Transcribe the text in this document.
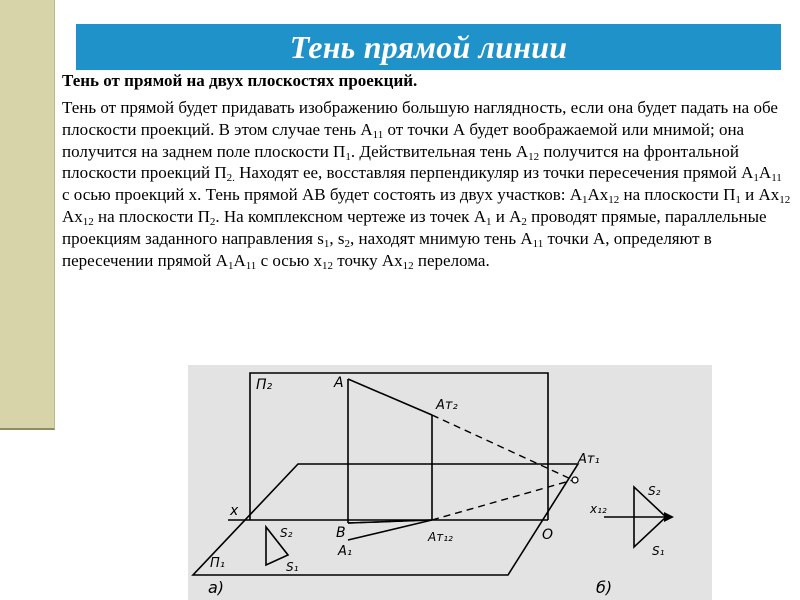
Тень прямой линии

Тень от прямой на двух плоскостях проекций.

Тень от прямой будет придавать изображению большую наглядность, если она будет падать на обе плоскости проекций. В этом случае тень $А_{11}$ от точки А будет воображаемой или мнимой; она получится на заднем поле плоскости $П_1$. Действительная тень $А_{12}$ получится на фронтальной плоскости проекций $П_{2.}$ Находят ее, восставляя перпендикуляр из точки пересечения прямой $А_1А_{11}$ с осью проекций х. Тень прямой АВ будет состоять из двух участков: $А_1Ах_{12}$ на плоскости $П_1$ и $Ах_{12}$ $Ах_{12}$ на плоскости $П_2$. На комплексном чертеже из точек $А_1$ и $А_2$ проводят прямые, параллельные проекциям заданного направления $s_1$, $s_2$, находят мнимую тень $А_{11}$ точки А, определяют в пересечении прямой $А_1А_{11}$ с осью $х_{12}$ точку $Ах_{12}$ перелома.

П₂	A
Aт₂
Aт₁
x
B
A₁
Aт₁₂	O
П₁
S₂
S₁
x₁₂
S₂
S₁
а)	б)
